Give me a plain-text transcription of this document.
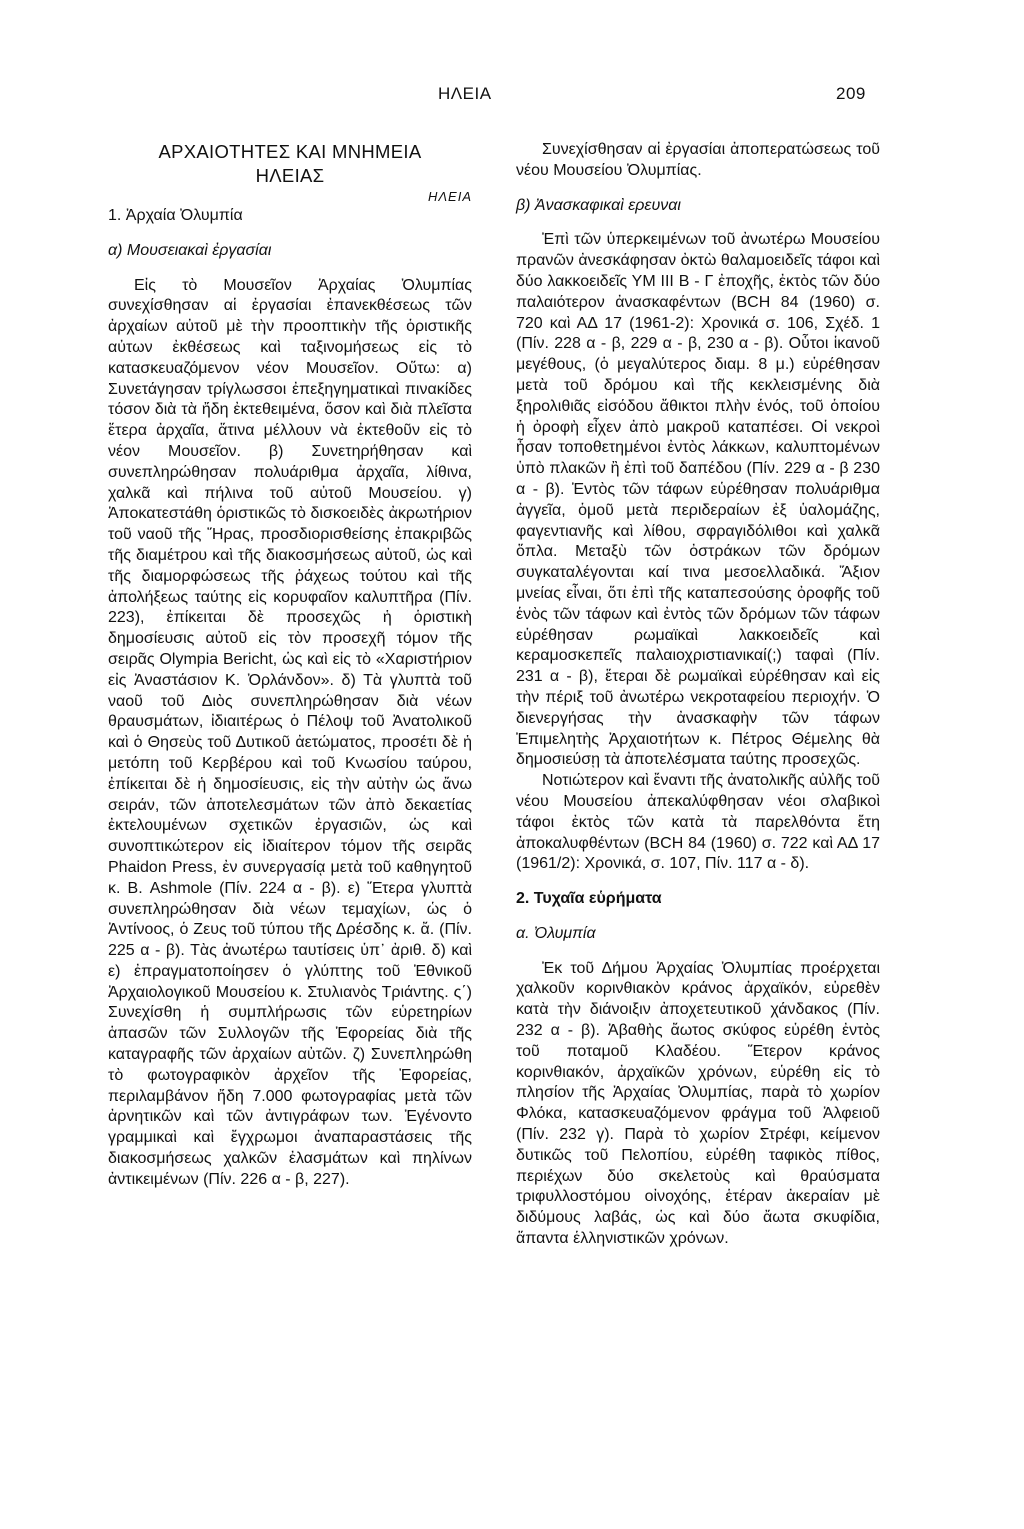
ΗΛΕΙΑ	209

ΑΡΧΑΙΟΤΗΤΕΣ ΚΑΙ ΜΝΗΜΕΙΑ

ΗΛΕΙΑΣ

ΗΛΕΙΑ

1. Ἀρχαία Ὀλυμπία

α) Μουσειακαὶ ἐργασίαι

Εἰς τὸ Μουσεῖον Ἀρχαίας Ὀλυμπίας συνεχίσθησαν αἱ ἐργασίαι ἐπανεκθέσεως τῶν ἀρχαίων αὐτοῦ μὲ τὴν προοπτικὴν τῆς ὁριστικῆς αὐτων ἐκθέσεως καὶ ταξινομήσεως εἰς τὸ κατασκευαζόμενον νέον Μουσεῖον. Οὕτω: α) Συνετάγησαν τρίγλωσσοι ἐπεξηγηματικαὶ πινακίδες τόσον διὰ τὰ ἤδη ἐκτεθειμένα, ὅσον καὶ διὰ πλεῖστα ἕτερα ἀρχαῖα, ἅτινα μέλλουν νὰ ἐκτεθοῦν εἰς τὸ νέον Μουσεῖον. β) Συνετηρήθησαν καὶ συνεπληρώθησαν πολυάριθμα ἀρχαῖα, λίθινα, χαλκᾶ καὶ πήλινα τοῦ αὐτοῦ Μουσείου. γ) Ἀποκατεστάθη ὁριστικῶς τὸ δισκοειδὲς ἀκρωτήριον τοῦ ναοῦ τῆς Ἥρας, προσδιορισθείσης ἐπακριβῶς τῆς διαμέτρου καὶ τῆς διακοσμήσεως αὐτοῦ, ὡς καὶ τῆς διαμορφώσεως τῆς ῥάχεως τούτου καὶ τῆς ἀπολήξεως ταύτης εἰς κορυφαῖον καλυπτῆρα (Πίν. 223), ἐπίκειται δὲ προσεχῶς ἡ ὁριστικὴ δημοσίευσις αὐτοῦ εἰς τὸν προσεχῆ τόμον τῆς σειρᾶς Olympia Bericht, ὡς καὶ εἰς τὸ «Χαριστήριον εἰς Ἀναστάσιον Κ. Ὀρλάνδον». δ) Τὰ γλυπτὰ τοῦ ναοῦ τοῦ Διὸς συνεπληρώθησαν διὰ νέων θραυσμάτων, ἰδιαιτέρως ὁ Πέλοψ τοῦ Ἀνατολικοῦ καὶ ὁ Θησεὺς τοῦ Δυτικοῦ ἀετώματος, προσέτι δὲ ἡ μετόπη τοῦ Κερβέρου καὶ τοῦ Κνωσίου ταύρου, ἐπίκειται δὲ ἡ δημοσίευσις, εἰς τὴν αὐτὴν ὡς ἄνω σειράν, τῶν ἀποτελεσμάτων τῶν ἀπὸ δεκαετίας ἐκτελουμένων σχετικῶν ἐργασιῶν, ὡς καὶ συνοπτικώτερον εἰς ἰδιαίτερον τόμον τῆς σειρᾶς Phaidon Press, ἐν συνεργασίᾳ μετὰ τοῦ καθηγητοῦ κ. Β. Ashmole (Πίν. 224 α - β). ε) Ἕτερα γλυπτὰ συνεπληρώθησαν διὰ νέων τεμαχίων, ὡς ὁ Ἀντίνοος, ὁ Ζευς τοῦ τύπου τῆς Δρέσδης κ. ἄ. (Πίν. 225 α - β). Τὰς ἀνωτέρω ταυτίσεις ὑπ᾽ ἀριθ. δ) καὶ ε) ἐπραγματοποίησεν ὁ γλύπτης τοῦ Ἐθνικοῦ Ἀρχαιολογικοῦ Μουσείου κ. Στυλιανὸς Τριάντης. ς΄) Συνεχίσθη ἡ συμπλήρωσις τῶν εὑρετηρίων ἁπασῶν τῶν Συλλογῶν τῆς Ἐφορείας διὰ τῆς καταγραφῆς τῶν ἀρχαίων αὐτῶν. ζ) Συνεπληρώθη τὸ φωτογραφικὸν ἀρχεῖον τῆς Ἐφορείας, περιλαμβάνον ἤδη 7.000 φωτογραφίας μετὰ τῶν ἀρνητικῶν καὶ τῶν ἀντιγράφων των. Ἐγένοντο γραμμικαὶ καὶ ἔγχρωμοι ἀναπαραστάσεις τῆς διακοσμήσεως χαλκῶν ἐλασμάτων καὶ πηλίνων ἀντικειμένων (Πίν. 226 α - β, 227).

Συνεχίσθησαν αἱ ἐργασίαι ἀποπερατώσεως τοῦ νέου Μουσείου Ὀλυμπίας.

β) Ἀνασκαφικαὶ ερευναι

Ἐπὶ τῶν ὑπερκειμένων τοῦ ἀνωτέρω Μουσείου πρανῶν ἀνεσκάφησαν ὀκτὼ θαλαμοειδεῖς τάφοι καὶ δύο λακκοειδεῖς ΥΜ ΙΙΙ Β - Γ ἐποχῆς, ἐκτὸς τῶν δύο παλαιότερον ἀνασκαφέντων (BCH 84 (1960) σ. 720 καὶ ΑΔ 17 (1961-2): Χρονικά σ. 106, Σχέδ. 1 (Πίν. 228 α - β, 229 α - β, 230 α - β). Οὗτοι ἱκανοῦ μεγέθους, (ὁ μεγαλύτερος διαμ. 8 μ.) εὑρέθησαν μετὰ τοῦ δρόμου καὶ τῆς κεκλεισμένης διὰ ξηρολιθιᾶς εἰσόδου ἄθικτοι πλὴν ἑνός, τοῦ ὁποίου ἡ ὀροφὴ εἶχεν ἀπὸ μακροῦ καταπέσει. Οἱ νεκροὶ ἦσαν τοποθετημένοι ἐντὸς λάκκων, καλυπτομένων ὑπὸ πλακῶν ἢ ἐπὶ τοῦ δαπέδου (Πίν. 229 α - β 230 α - β). Ἐντὸς τῶν τάφων εὑρέθησαν πολυάριθμα ἀγγεῖα, ὁμοῦ μετὰ περιδεραίων ἐξ ὑαλομάζης, φαγεντιανῆς καὶ λίθου, σφραγιδόλιθοι καὶ χαλκᾶ ὅπλα. Μεταξὺ τῶν ὀστράκων τῶν δρόμων συγκαταλέγονται καί τινα μεσοελλαδικά. Ἄξιον μνείας εἶναι, ὅτι ἐπὶ τῆς καταπεσούσης ὀροφῆς τοῦ ἑνὸς τῶν τάφων καὶ ἐντὸς τῶν δρόμων τῶν τάφων εὑρέθησαν ρωμαϊκαὶ λακκοειδεῖς καὶ κεραμοσκεπεῖς παλαιοχριστιανικαί(;) ταφαὶ (Πίν. 231 α - β), ἕτεραι δὲ ρωμαϊκαὶ εὑρέθησαν καὶ εἰς τὴν πέριξ τοῦ ἀνωτέρω νεκροταφείου περιοχήν. Ὁ διενεργήσας τὴν ἀνασκαφὴν τῶν τάφων Ἐπιμελητὴς Ἀρχαιοτήτων κ. Πέτρος Θέμελης θὰ δημοσιεύσῃ τὰ ἀποτελέσματα ταύτης προσεχῶς.

Νοτιώτερον καὶ ἔναντι τῆς ἀνατολικῆς αὐλῆς τοῦ νέου Μουσείου ἀπεκαλύφθησαν νέοι σλαβικοὶ τάφοι ἐκτὸς τῶν κατὰ τὰ παρελθόντα ἔτη ἀποκαλυφθέντων (BCH 84 (1960) σ. 722 καὶ ΑΔ 17 (1961/2): Χρονικά, σ. 107, Πίν. 117 α - δ).

2. Τυχαῖα εὑρήματα

α. Ὀλυμπία

Ἐκ τοῦ Δήμου Ἀρχαίας Ὀλυμπίας προέρχεται χαλκοῦν κορινθιακὸν κράνος ἀρχαϊκόν, εὑρεθὲν κατὰ τὴν διάνοιξιν ἀποχετευτικοῦ χάνδακος (Πίν. 232 α - β). Ἀβαθὴς ἄωτος σκύφος εὑρέθη ἐντὸς τοῦ ποταμοῦ Κλαδέου. Ἕτερον κράνος κορινθιακόν, ἀρχαϊκῶν χρόνων, εὑρέθη εἰς τὸ πλησίον τῆς Ἀρχαίας Ὀλυμπίας, παρὰ τὸ χωρίον Φλόκα, κατασκευαζόμενον φράγμα τοῦ Ἀλφειοῦ (Πίν. 232 γ). Παρὰ τὸ χωρίον Στρέφι, κείμενον δυτικῶς τοῦ Πελοπίου, εὑρέθη ταφικὸς πίθος, περιέχων δύο σκελετοὺς καὶ θραύσματα τριφυλλοστόμου οἰνοχόης, ἑτέραν ἀκεραίαν μὲ διδύμους λαβάς, ὡς καὶ δύο ἄωτα σκυφίδια, ἅπαντα ἑλληνιστικῶν χρόνων.
